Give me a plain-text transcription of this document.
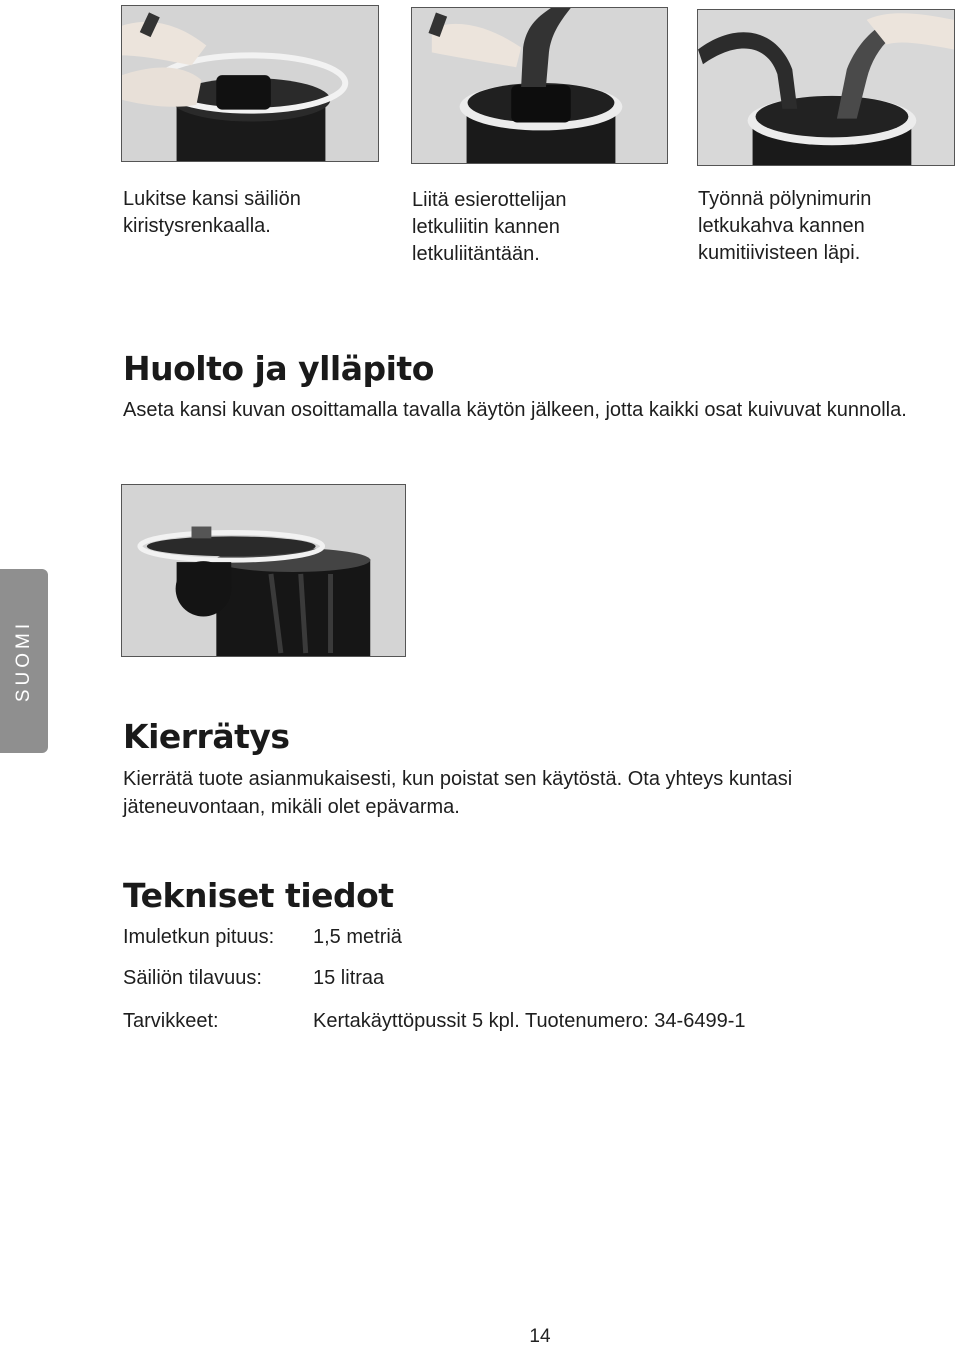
Lukitse kansi säiliön
kiristysrenkaalla.

Liitä esierottelijan
letkuliitin kannen
letkuliitäntään.

Työnnä pölynimurin
letkukahva kannen
kumitiivisteen läpi.

Huolto ja ylläpito

Aseta kansi kuvan osoittamalla tavalla käytön jälkeen, jotta kaikki osat kuivuvat kunnolla.

SUOMI
Kierrätys

Kierrätä tuote asianmukaisesti, kun poistat sen käytöstä. Ota yhteys kuntasi jäteneuvontaan, mikäli olet epävarma.

Tekniset tiedot
Imuletkun pituus: 1,5 metriä
Säiliön tilavuus:	15 litraa
Tarvikkeet:	Kertakäyttöpussit 5 kpl. Tuotenumero: 34-6499-1
14
